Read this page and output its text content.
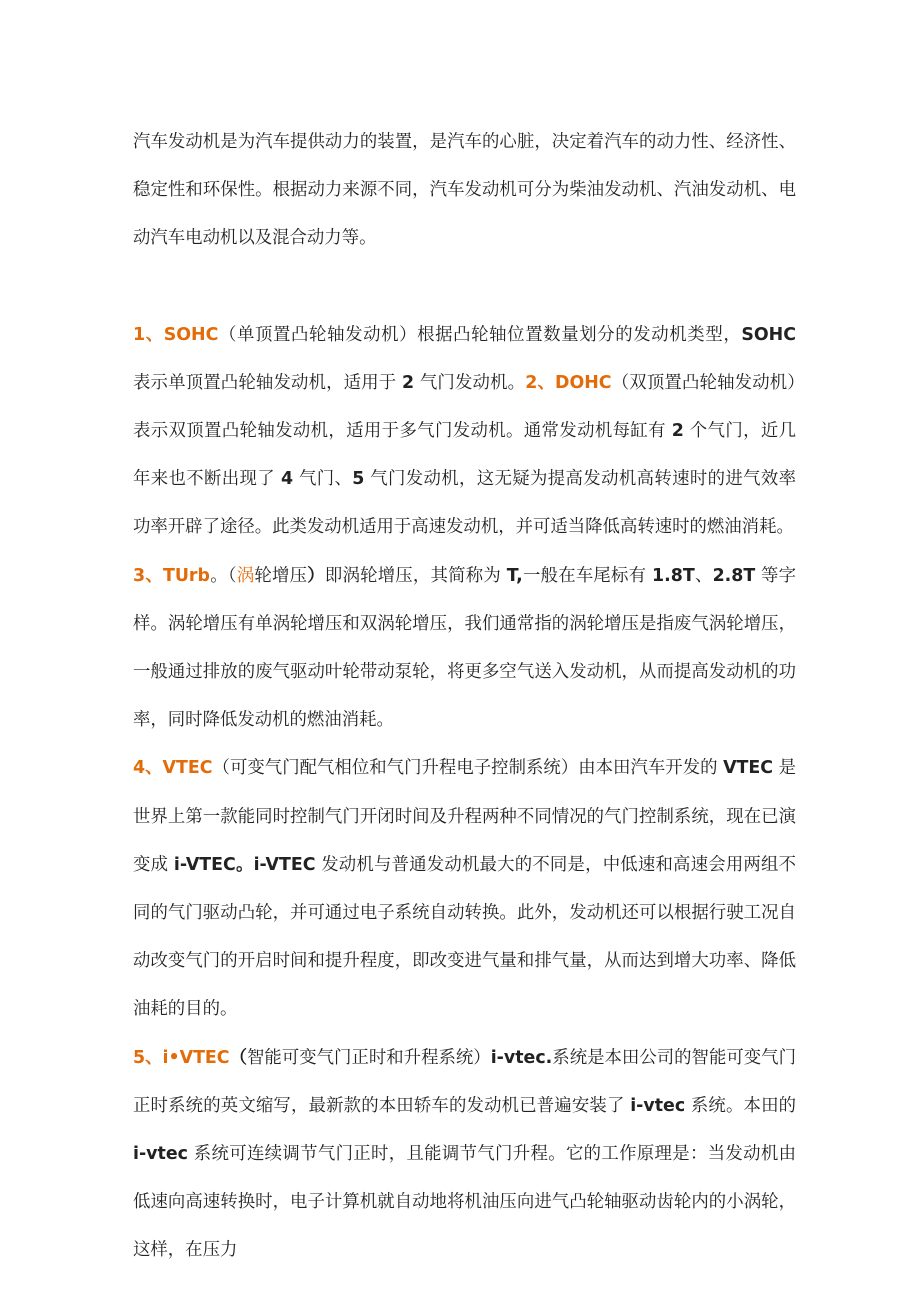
汽车发动机是为汽车提供动力的装置，是汽车的心脏，决定着汽车的动力性、经济性、稳定性和环保性。根据动力来源不同，汽车发动机可分为柴油发动机、汽油发动机、电动汽车电动机以及混合动力等。

1、SOHC（单顶置凸轮轴发动机）根据凸轮轴位置数量划分的发动机类型，SOHC 表示单顶置凸轮轴发动机，适用于 2 气门发动机。2、DOHC（双顶置凸轮轴发动机）表示双顶置凸轮轴发动机，适用于多气门发动机。通常发动机每缸有 2 个气门，近几年来也不断出现了 4 气门、5 气门发动机，这无疑为提高发动机高转速时的进气效率功率开辟了途径。此类发动机适用于高速发动机，并可适当降低高转速时的燃油消耗。

3、TUrb。（涡轮增压）即涡轮增压，其简称为 T,一般在车尾标有 1.8T、2.8T 等字样。涡轮增压有单涡轮增压和双涡轮增压，我们通常指的涡轮增压是指废气涡轮增压，一般通过排放的废气驱动叶轮带动泵轮，将更多空气送入发动机，从而提高发动机的功率，同时降低发动机的燃油消耗。

4、VTEC（可变气门配气相位和气门升程电子控制系统）由本田汽车开发的 VTEC 是世界上第一款能同时控制气门开闭时间及升程两种不同情况的气门控制系统，现在已演变成 i-VTEC。i-VTEC 发动机与普通发动机最大的不同是，中低速和高速会用两组不同的气门驱动凸轮，并可通过电子系统自动转换。此外，发动机还可以根据行驶工况自动改变气门的开启时间和提升程度，即改变进气量和排气量，从而达到增大功率、降低油耗的目的。

5、i•VTEC（智能可变气门正时和升程系统）i-vtec.系统是本田公司的智能可变气门正时系统的英文缩写，最新款的本田轿车的发动机已普遍安装了 i-vtec 系统。本田的 i-vtec 系统可连续调节气门正时，且能调节气门升程。它的工作原理是：当发动机由低速向高速转换时，电子计算机就自动地将机油压向进气凸轮轴驱动齿轮内的小涡轮，这样，在压力
